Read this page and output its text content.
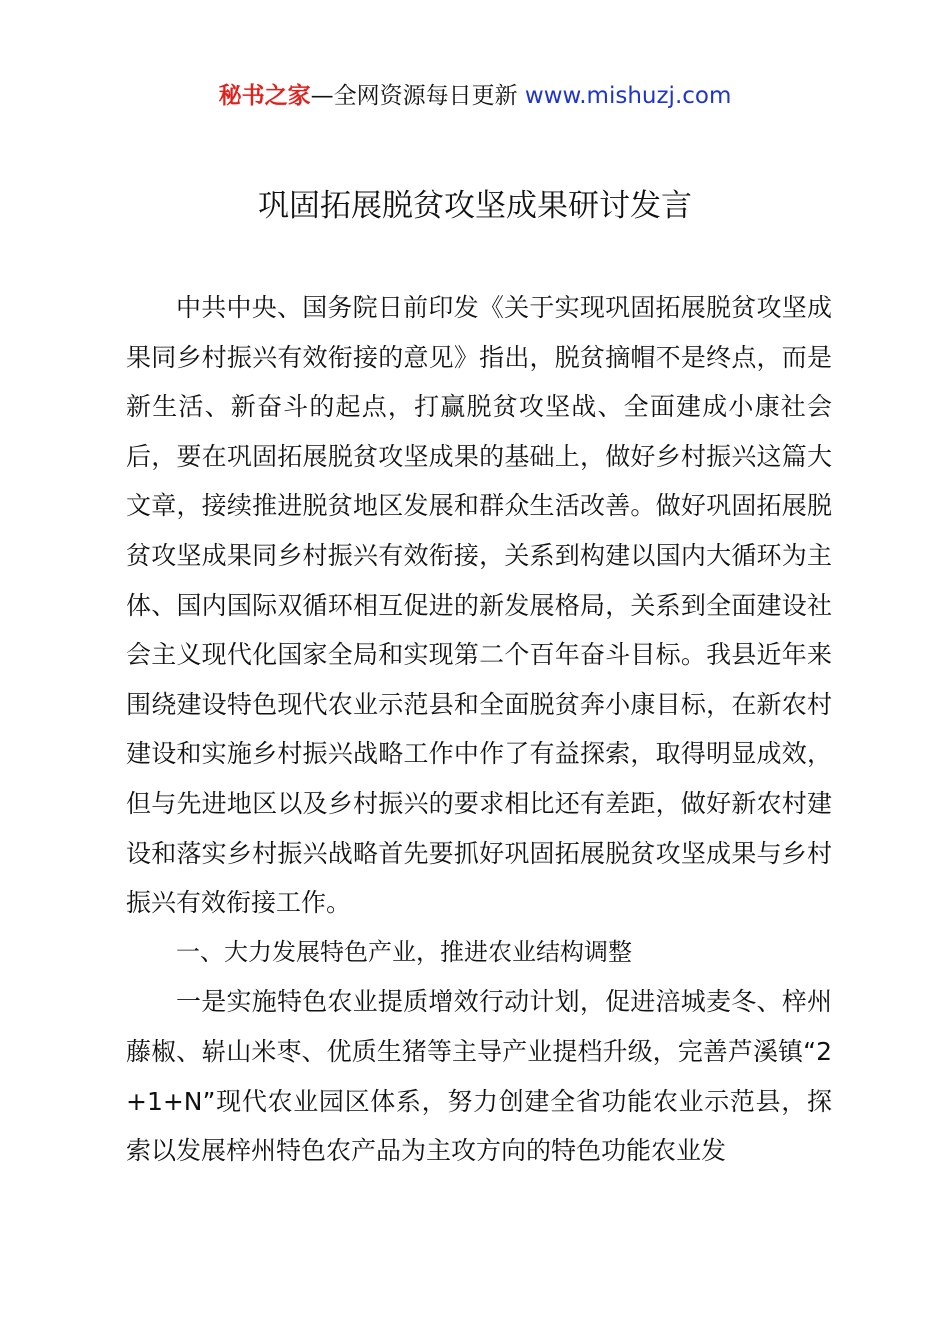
秘书之家—全网资源每日更新 www.mishuzj.com
巩固拓展脱贫攻坚成果研讨发言

中共中央、国务院日前印发《关于实现巩固拓展脱贫攻坚成果同乡村振兴有效衔接的意见》指出，脱贫摘帽不是终点，而是新生活、新奋斗的起点，打赢脱贫攻坚战、全面建成小康社会后，要在巩固拓展脱贫攻坚成果的基础上，做好乡村振兴这篇大文章，接续推进脱贫地区发展和群众生活改善。做好巩固拓展脱贫攻坚成果同乡村振兴有效衔接，关系到构建以国内大循环为主体、国内国际双循环相互促进的新发展格局，关系到全面建设社会主义现代化国家全局和实现第二个百年奋斗目标。我县近年来围绕建设特色现代农业示范县和全面脱贫奔小康目标，在新农村建设和实施乡村振兴战略工作中作了有益探索，取得明显成效，但与先进地区以及乡村振兴的要求相比还有差距，做好新农村建设和落实乡村振兴战略首先要抓好巩固拓展脱贫攻坚成果与乡村振兴有效衔接工作。

一、大力发展特色产业，推进农业结构调整

一是实施特色农业提质增效行动计划，促进涪城麦冬、梓州藤椒、崭山米枣、优质生猪等主导产业提档升级，完善芦溪镇“2+1+N”现代农业园区体系，努力创建全省功能农业示范县，探索以发展梓州特色农产品为主攻方向的特色功能农业发
